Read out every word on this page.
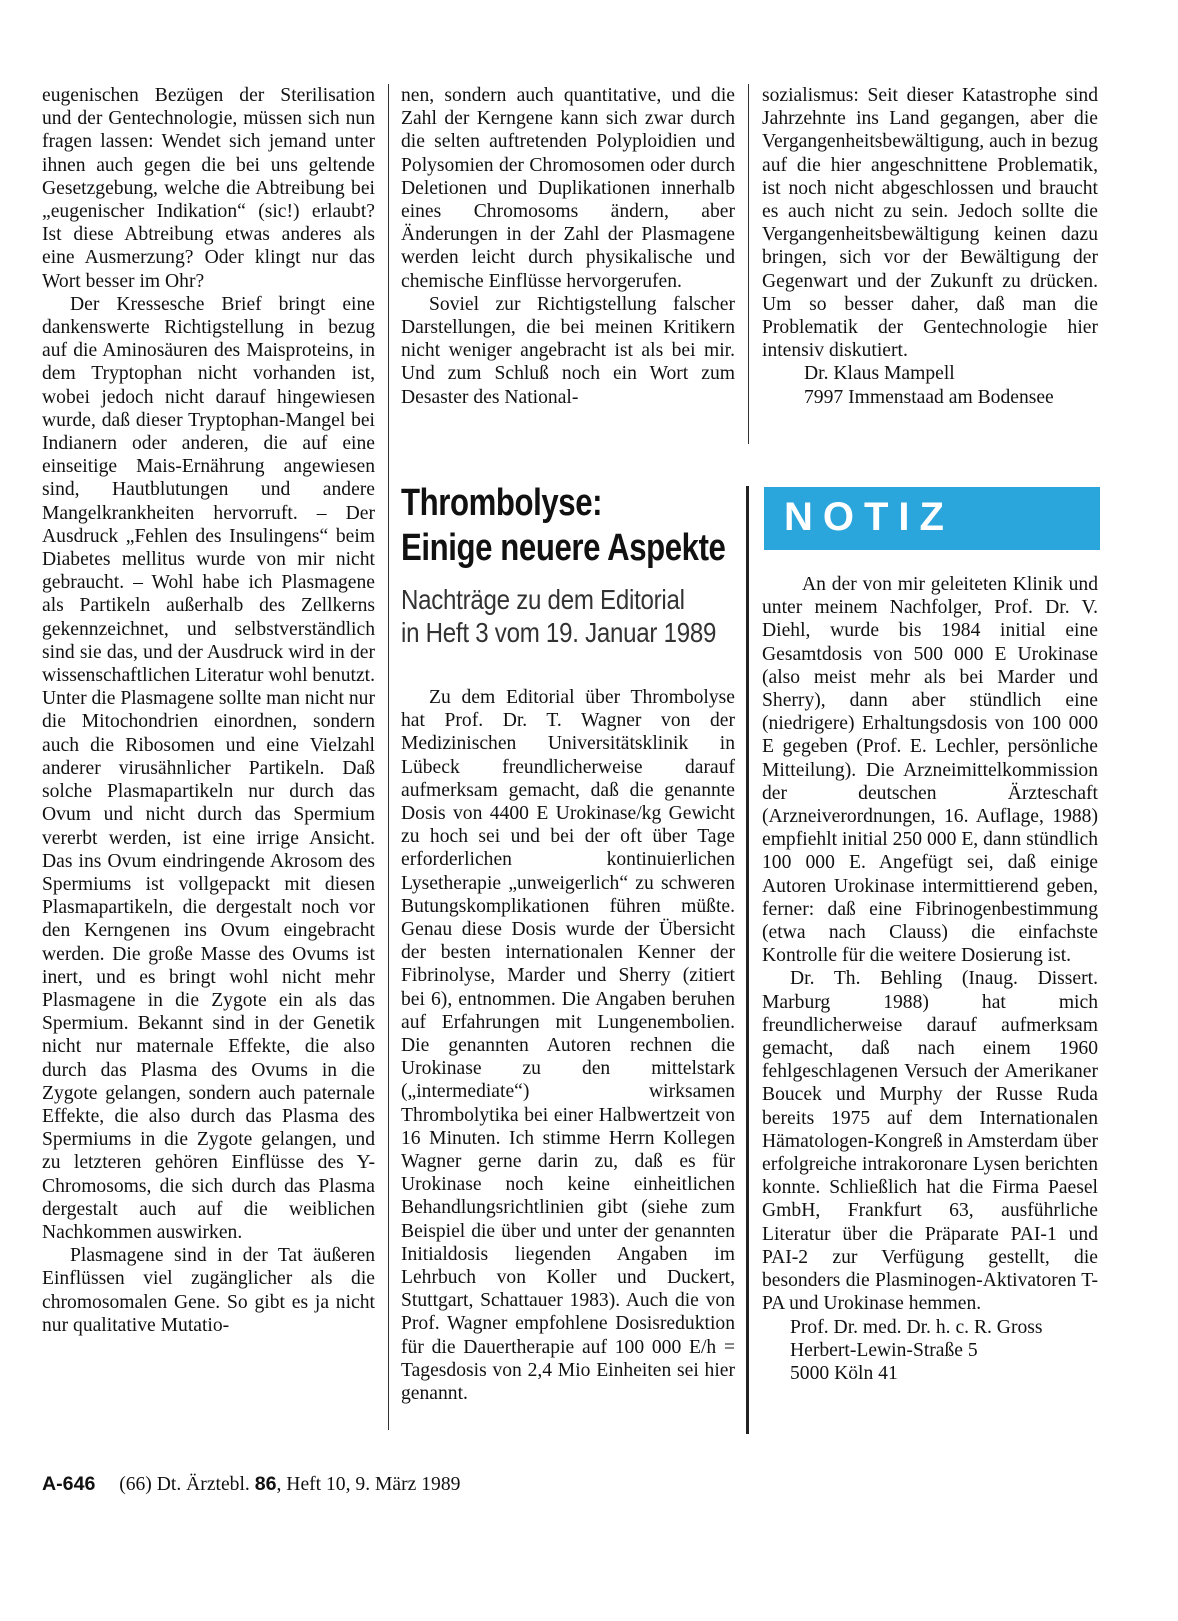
eugenischen Bezügen der Sterilisation und der Gentechnologie, müssen sich nun fragen lassen: Wendet sich jemand unter ihnen auch gegen die bei uns geltende Gesetzgebung, welche die Abtreibung bei „eugenischer Indikation“ (sic!) erlaubt? Ist diese Abtreibung etwas anderes als eine Ausmerzung? Oder klingt nur das Wort besser im Ohr?

Der Kressesche Brief bringt eine dankenswerte Richtigstellung in bezug auf die Aminosäuren des Maisproteins, in dem Tryptophan nicht vorhanden ist, wobei jedoch nicht darauf hingewiesen wurde, daß dieser Tryptophan-Mangel bei Indianern oder anderen, die auf eine einseitige Mais-Ernährung angewiesen sind, Hautblutungen und andere Mangelkrankheiten hervorruft. – Der Ausdruck „Fehlen des Insulingens“ beim Diabetes mellitus wurde von mir nicht gebraucht. – Wohl habe ich Plasmagene als Partikeln außerhalb des Zellkerns gekennzeichnet, und selbstverständlich sind sie das, und der Ausdruck wird in der wissenschaftlichen Literatur wohl benutzt. Unter die Plasmagene sollte man nicht nur die Mitochondrien einordnen, sondern auch die Ribosomen und eine Vielzahl anderer virusähnlicher Partikeln. Daß solche Plasmapartikeln nur durch das Ovum und nicht durch das Spermium vererbt werden, ist eine irrige Ansicht. Das ins Ovum eindringende Akrosom des Spermiums ist vollgepackt mit diesen Plasmapartikeln, die dergestalt noch vor den Kerngenen ins Ovum eingebracht werden. Die große Masse des Ovums ist inert, und es bringt wohl nicht mehr Plasmagene in die Zygote ein als das Spermium. Bekannt sind in der Genetik nicht nur maternale Effekte, die also durch das Plasma des Ovums in die Zygote gelangen, sondern auch paternale Effekte, die also durch das Plasma des Spermiums in die Zygote gelangen, und zu letzteren gehören Einflüsse des Y-Chromosoms, die sich durch das Plasma dergestalt auch auf die weiblichen Nachkommen auswirken.

Plasmagene sind in der Tat äußeren Einflüssen viel zugänglicher als die chromosomalen Gene. So gibt es ja nicht nur qualitative Mutatio-

nen, sondern auch quantitative, und die Zahl der Kerngene kann sich zwar durch die selten auftretenden Polyploidien und Polysomien der Chromosomen oder durch Deletionen und Duplikationen innerhalb eines Chromosoms ändern, aber Änderungen in der Zahl der Plasmagene werden leicht durch physikalische und chemische Einflüsse hervorgerufen.

Soviel zur Richtigstellung falscher Darstellungen, die bei meinen Kritikern nicht weniger angebracht ist als bei mir. Und zum Schluß noch ein Wort zum Desaster des National-

sozialismus: Seit dieser Katastrophe sind Jahrzehnte ins Land gegangen, aber die Vergangenheitsbewältigung, auch in bezug auf die hier angeschnittene Problematik, ist noch nicht abgeschlossen und braucht es auch nicht zu sein. Jedoch sollte die Vergangenheitsbewältigung keinen dazu bringen, sich vor der Bewältigung der Gegenwart und der Zukunft zu drücken. Um so besser daher, daß man die Problematik der Gentechnologie hier intensiv diskutiert.

Dr. Klaus Mampell
7997 Immenstaad am Bodensee
Thrombolyse:
Einige neuere Aspekte
Nachträge zu dem Editorial
in Heft 3 vom 19. Januar 1989

Zu dem Editorial über Thrombolyse hat Prof. Dr. T. Wagner von der Medizinischen Universitätsklinik in Lübeck freundlicherweise darauf aufmerksam gemacht, daß die genannte Dosis von 4400 E Urokinase/kg Gewicht zu hoch sei und bei der oft über Tage erforderlichen kontinuierlichen Lysetherapie „unweigerlich“ zu schweren Butungskomplikationen führen müßte. Genau diese Dosis wurde der Übersicht der besten internationalen Kenner der Fibrinolyse, Marder und Sherry (zitiert bei 6), entnommen. Die Angaben beruhen auf Erfahrungen mit Lungenembolien. Die genannten Autoren rechnen die Urokinase zu den mittelstark („intermediate“) wirksamen Thrombolytika bei einer Halbwertzeit von 16 Minuten. Ich stimme Herrn Kollegen Wagner gerne darin zu, daß es für Urokinase noch keine einheitlichen Behandlungsrichtlinien gibt (siehe zum Beispiel die über und unter der genannten Initialdosis liegenden Angaben im Lehrbuch von Koller und Duckert, Stuttgart, Schattauer 1983). Auch die von Prof. Wagner empfohlene Dosisreduktion für die Dauertherapie auf 100 000 E/h = Tagesdosis von 2,4 Mio Einheiten sei hier genannt.

NOTIZ

An der von mir geleiteten Klinik und unter meinem Nachfolger, Prof. Dr. V. Diehl, wurde bis 1984 initial eine Gesamtdosis von 500 000 E Urokinase (also meist mehr als bei Marder und Sherry), dann aber stündlich eine (niedrigere) Erhaltungsdosis von 100 000 E gegeben (Prof. E. Lechler, persönliche Mitteilung). Die Arzneimittelkommission der deutschen Ärzteschaft (Arzneiverordnungen, 16. Auflage, 1988) empfiehlt initial 250 000 E, dann stündlich 100 000 E. Angefügt sei, daß einige Autoren Urokinase intermittierend geben, ferner: daß eine Fibrinogenbestimmung (etwa nach Clauss) die einfachste Kontrolle für die weitere Dosierung ist.

Dr. Th. Behling (Inaug. Dissert. Marburg 1988) hat mich freundlicherweise darauf aufmerksam gemacht, daß nach einem 1960 fehlgeschlagenen Versuch der Amerikaner Boucek und Murphy der Russe Ruda bereits 1975 auf dem Internationalen Hämatologen-Kongreß in Amsterdam über erfolgreiche intrakoronare Lysen berichten konnte. Schließlich hat die Firma Paesel GmbH, Frankfurt 63, ausführliche Literatur über die Präparate PAI-1 und PAI-2 zur Verfügung gestellt, die besonders die Plasminogen-Aktivatoren T-PA und Urokinase hemmen.

Prof. Dr. med. Dr. h. c. R. Gross
Herbert-Lewin-Straße 5
5000 Köln 41
A-646 (66) Dt. Ärztebl. 86, Heft 10, 9. März 1989
